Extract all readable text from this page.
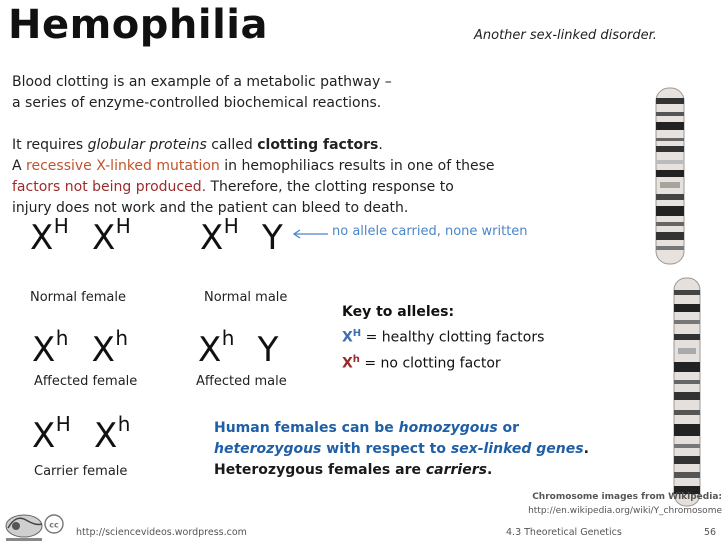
Hemophilia	Another sex-linked disorder.
Blood clotting is an example of a metabolic pathway –
a series of enzyme-controlled biochemical reactions.
It requires globular proteins called clotting factors.
A recessive X-linked mutation in hemophiliacs results in one of these
factors not being produced. Therefore, the clotting response to
injury does not work and the patient can bleed to death.
$X^H$ $X^H$
Normal female
$X^H$ Y
Normal male
no allele carried, none written
$X^h$ $X^h$
Affected female
$X^h$ Y
Affected male
$X^H$ $X^h$
Carrier female
Key to alleles:
$X^H$ = healthy clotting factors
$X^h$ = no clotting factor
Human females can be homozygous or
heterozygous with respect to sex-linked genes.
Heterozygous females are carriers.
Chromosome images from Wikipedia:
http://en.wikipedia.org/wiki/Y_chromosome
cc
http://sciencevideos.wordpress.com	4.3 Theoretical Genetics	56
